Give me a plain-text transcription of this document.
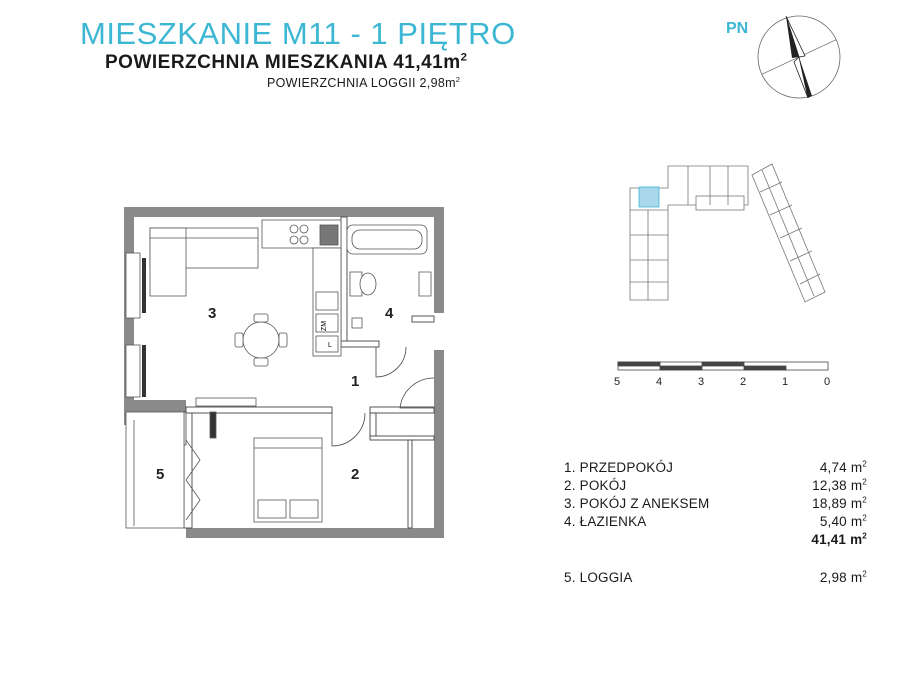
MIESZKANIE M11 - 1 PIĘTRO
POWIERZCHNIA MIESZKANIA $41,41m^2$
POWIERZCHNIA LOGGII $2,98m^2$
PN
ZM
L
3	4
1
2
5
5	4	3	2	1	0
1. PRZEDPOKÓJ	4,74 $m^2$
2. POKÓJ	12,38 $m^2$
3. POKÓJ Z ANEKSEM	18,89 $m^2$
4. ŁAZIENKA	5,40 $m^2$
41,41 $m^2$
5. LOGGIA	2,98 $m^2$
